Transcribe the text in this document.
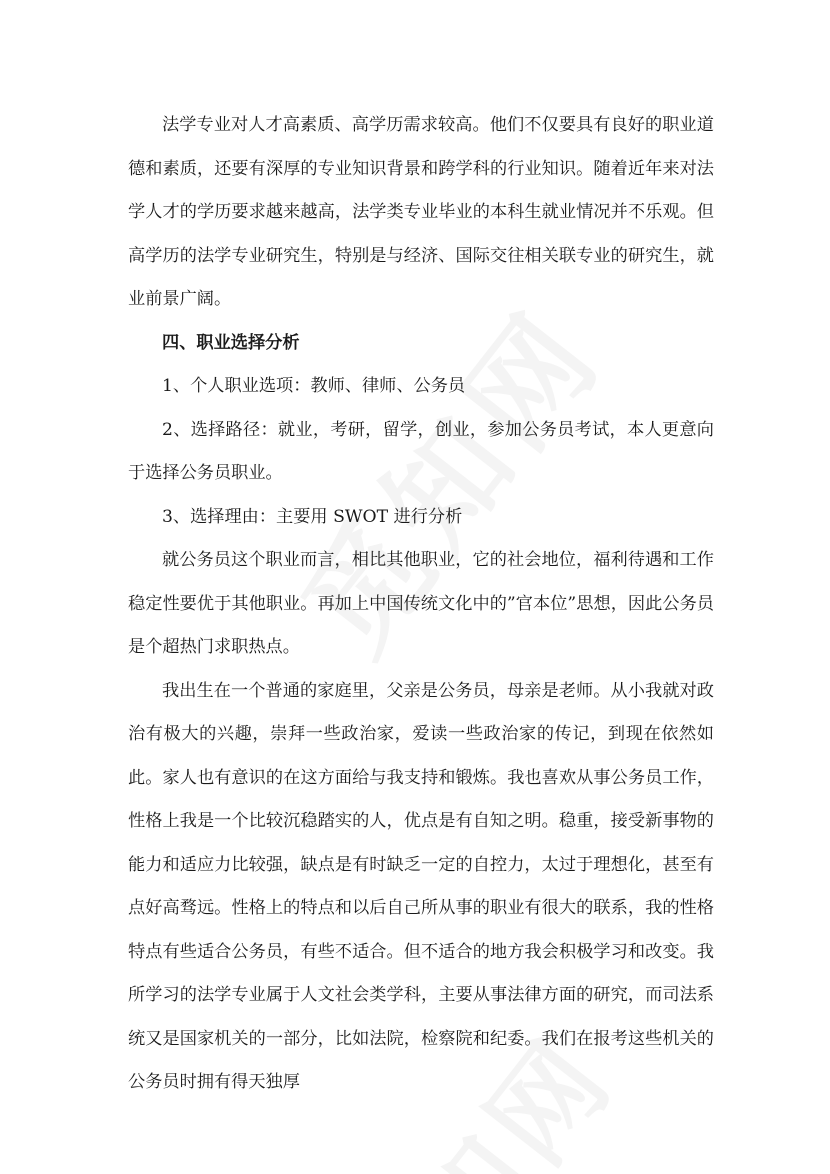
法学专业对人才高素质、高学历需求较高。他们不仅要具有良好的职业道德和素质，还要有深厚的专业知识背景和跨学科的行业知识。随着近年来对法学人才的学历要求越来越高，法学类专业毕业的本科生就业情况并不乐观。但高学历的法学专业研究生，特别是与经济、国际交往相关联专业的研究生，就业前景广阔。

四、职业选择分析

1、个人职业选项：教师、律师、公务员

2、选择路径：就业，考研，留学，创业，参加公务员考试，本人更意向于选择公务员职业。

3、选择理由：主要用 SWOT 进行分析

就公务员这个职业而言，相比其他职业，它的社会地位，福利待遇和工作稳定性要优于其他职业。再加上中国传统文化中的”官本位”思想，因此公务员是个超热门求职热点。

我出生在一个普通的家庭里，父亲是公务员，母亲是老师。从小我就对政治有极大的兴趣，崇拜一些政治家，爱读一些政治家的传记，到现在依然如此。家人也有意识的在这方面给与我支持和锻炼。我也喜欢从事公务员工作，性格上我是一个比较沉稳踏实的人，优点是有自知之明。稳重，接受新事物的能力和适应力比较强，缺点是有时缺乏一定的自控力，太过于理想化，甚至有点好高骛远。性格上的特点和以后自己所从事的职业有很大的联系，我的性格特点有些适合公务员，有些不适合。但不适合的地方我会积极学习和改变。我所学习的法学专业属于人文社会类学科，主要从事法律方面的研究，而司法系统又是国家机关的一部分，比如法院，检察院和纪委。我们在报考这些机关的公务员时拥有得天独厚
